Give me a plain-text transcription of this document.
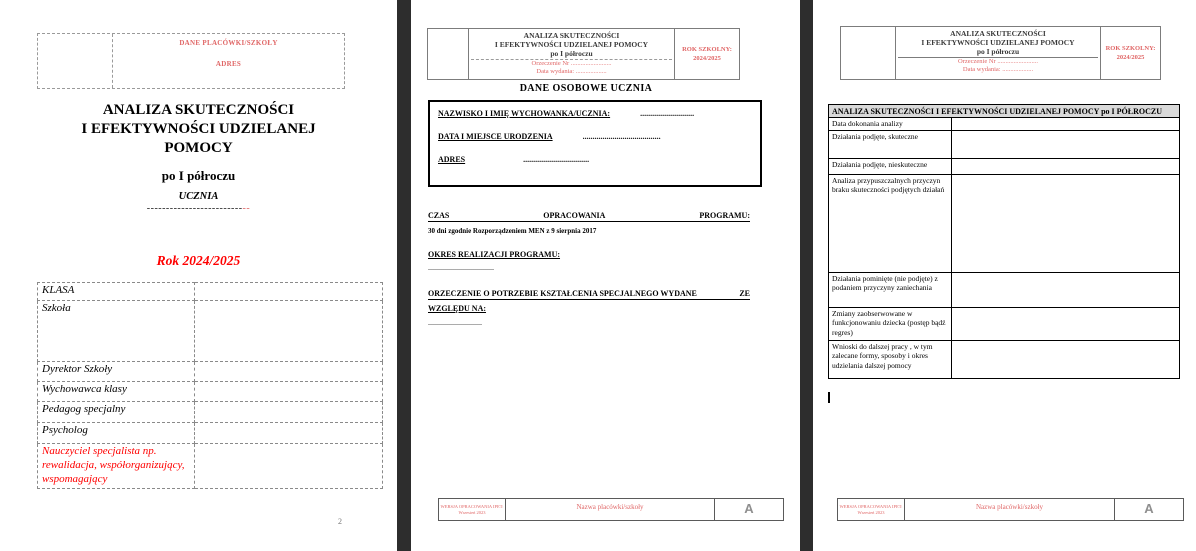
DANE PLACÓWKI/SZKOŁY
ADRES
ANALIZA SKUTECZNOŚCI
I EFEKTYWNOŚCI UDZIELANEJ
POMOCY
po I półroczu
UCZNIA
---------------------------
Rok 2024/2025
KLASA	
Szkoła	
Dyrektor Szkoły	
Wychowawca klasy	
Pedagog specjalny	
Psycholog	
Nauczyciel specjalista np. rewalidacja, współorganizujący, wspomagający	
2
ANALIZA SKUTECZNOŚCI
I EFEKTYWNOŚCI UDZIELANEJ POMOCY
po I półroczu
Orzeczenie Nr .........................
Data wydania: ...................
ROK SZKOLNY:
2024/2025
DANE OSOBOWE UCZNIA
NAZWISKO I IMIĘ WYCHOWANKA/UCZNIA:	...........................
DATA I MIEJSCE URODZENIA	.......................................
ADRES	.................................
CZAS	OPRACOWANIA	PROGRAMU:
30 dni zgodnie Rozporządzeniem MEN z 9 sierpnia 2017
OKRES REALIZACJI PROGRAMU:
.................................
ORZECZENIE O POTRZEBIE KSZTAŁCENIA SPECJALNEGO WYDANE	ZE
WZGLĘDU NA:
...........................
WERSJA OPRACOWANIA IPET:
Wrzesień 2023
Nazwa placówki/szkoły	A
ANALIZA SKUTECZNOŚCI
I EFEKTYWNOŚCI UDZIELANEJ POMOCY
po I półroczu
Orzeczenie Nr .........................
Data wydania: ...................
ROK SZKOLNY:
2024/2025
ANALIZA SKUTECZNOŚCI I EFEKTYWNOŚCI UDZIELANEJ POMOCY po I PÓŁROCZU	
Data dokonania analizy	
Działania podjęte, skuteczne	
Działania podjęte, nieskuteczne	
Analiza przypuszczalnych przyczyn braku skuteczności podjętych działań	
Działania pominięte (nie podjęte) z podaniem przyczyny zaniechania	
Zmiany zaobserwowane w funkcjonowaniu dziecka (postęp bądź regres)	
Wnioski do dalszej pracy , w tym zalecane formy, sposoby i okres udzielania dalszej pomocy	
WERSJA OPRACOWANIA IPET:
Wrzesień 2023
Nazwa placówki/szkoły	A
